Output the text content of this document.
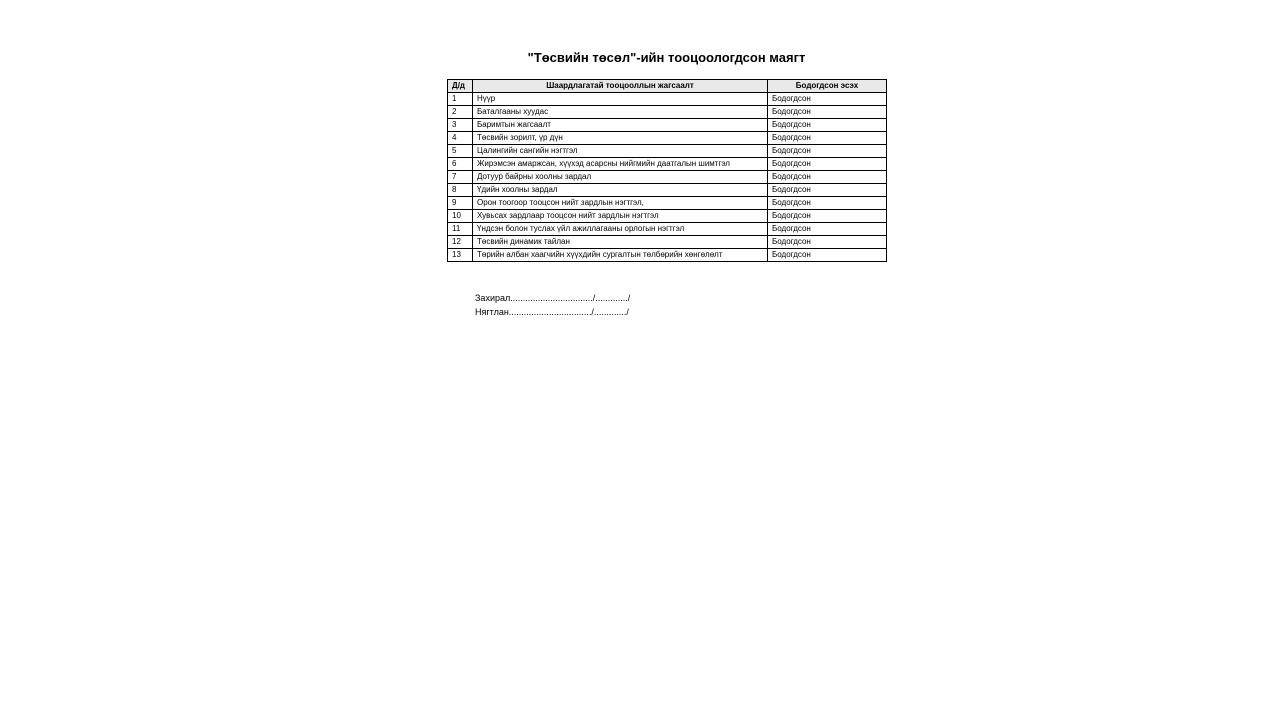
"Төсвийн төсөл"-ийн тооцоологдсон маягт
Д/д	Шаардлагатай тооцооллын жагсаалт	Бодогдсон эсэх
1	Нүүр	Бодогдсон
2	Баталгааны хуудас	Бодогдсон
3	Баримтын жагсаалт	Бодогдсон
4	Төсвийн зорилт, үр дүн	Бодогдсон
5	Цалингийн сангийн нэгтгэл	Бодогдсон
6	Жирэмсэн амаржсан, хүүхэд асарсны нийгмийн даатгалын шимтгэл	Бодогдсон
7	Дотуур байрны хоолны зардал	Бодогдсон
8	Үдийн хоолны зардал	Бодогдсон
9	Орон тоогоор тооцсон нийт зардлын нэгтгэл,	Бодогдсон
10	Хувьсах зардлаар тооцсон нийт зардлын нэгтгэл	Бодогдсон
11	Үндсэн болон туслах үйл ажиллагааны орлогын нэгтгэл	Бодогдсон
12	Төсвийн динамик тайлан	Бодогдсон
13	Төрийн албан хаагчийн хүүхдийн сургалтын төлбөрийн хөнгөлөлт	Бодогдсон
Захирал................................./............./
Нягтлан................................./............./
